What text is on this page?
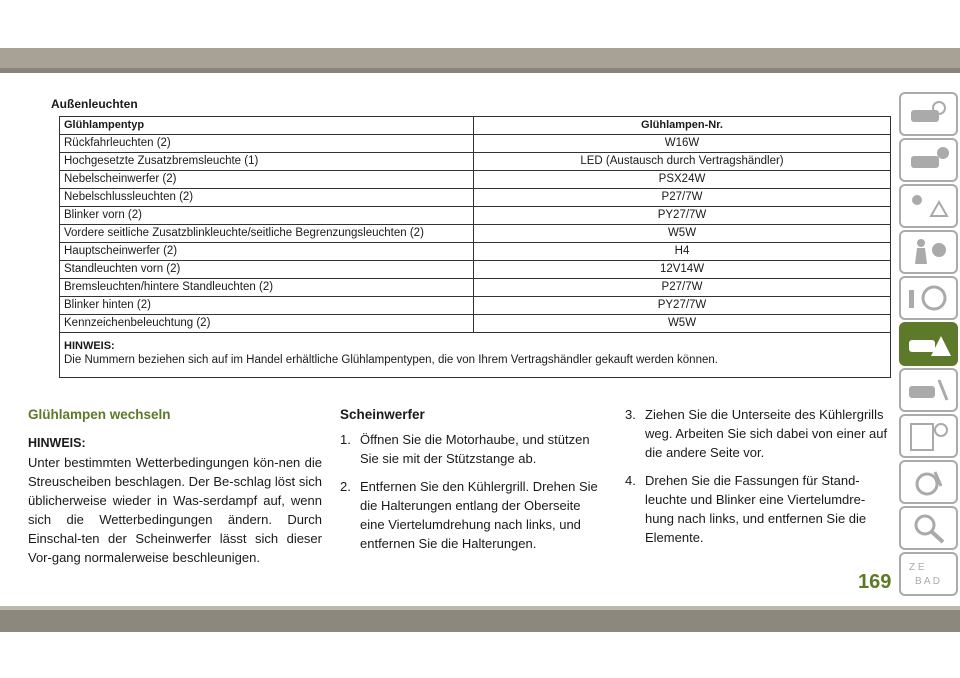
Außenleuchten
Glühlampentyp	Glühlampen-Nr.
Rückfahrleuchten (2)	W16W
Hochgesetzte Zusatzbremsleuchte (1)	LED (Austausch durch Vertragshändler)
Nebelscheinwerfer (2)	PSX24W
Nebelschlussleuchten (2)	P27/7W
Blinker vorn (2)	PY27/7W
Vordere seitliche Zusatzblinkleuchte/seitliche Begrenzungsleuchten (2)	W5W
Hauptscheinwerfer (2)	H4
Standleuchten vorn (2)	12V14W
Bremsleuchten/hintere Standleuchten (2)	P27/7W
Blinker hinten (2)	PY27/7W
Kennzeichenbeleuchtung (2)	W5W

HINWEIS:
Die Nummern beziehen sich auf im Handel erhältliche Glühlampentypen, die von Ihrem Vertragshändler gekauft werden können.	
Glühlampen wechseln
HINWEIS:
Unter bestimmten Wetterbedingungen kön-nen die Streuscheiben beschlagen. Der Be-schlag löst sich üblicherweise wieder in Was-serdampf auf, wenn sich die Wetterbedingungen ändern. Durch Einschal-ten der Scheinwerfer lässt sich dieser Vor-gang normalerweise beschleunigen.
Scheinwerfer
1. Öffnen Sie die Motorhaube, und stützen Sie sie mit der Stützstange ab.
2. Entfernen Sie den Kühlergrill. Drehen Sie die Halterungen entlang der Oberseite eine Viertelumdrehung nach links, und entfernen Sie die Halterungen.
3. Ziehen Sie die Unterseite des Kühlergrills weg. Arbeiten Sie sich dabei von einer auf die andere Seite vor.
4. Drehen Sie die Fassungen für Stand-leuchte und Blinker eine Viertelumdre-hung nach links, und entfernen Sie die Elemente.
Z E
B A D
169
